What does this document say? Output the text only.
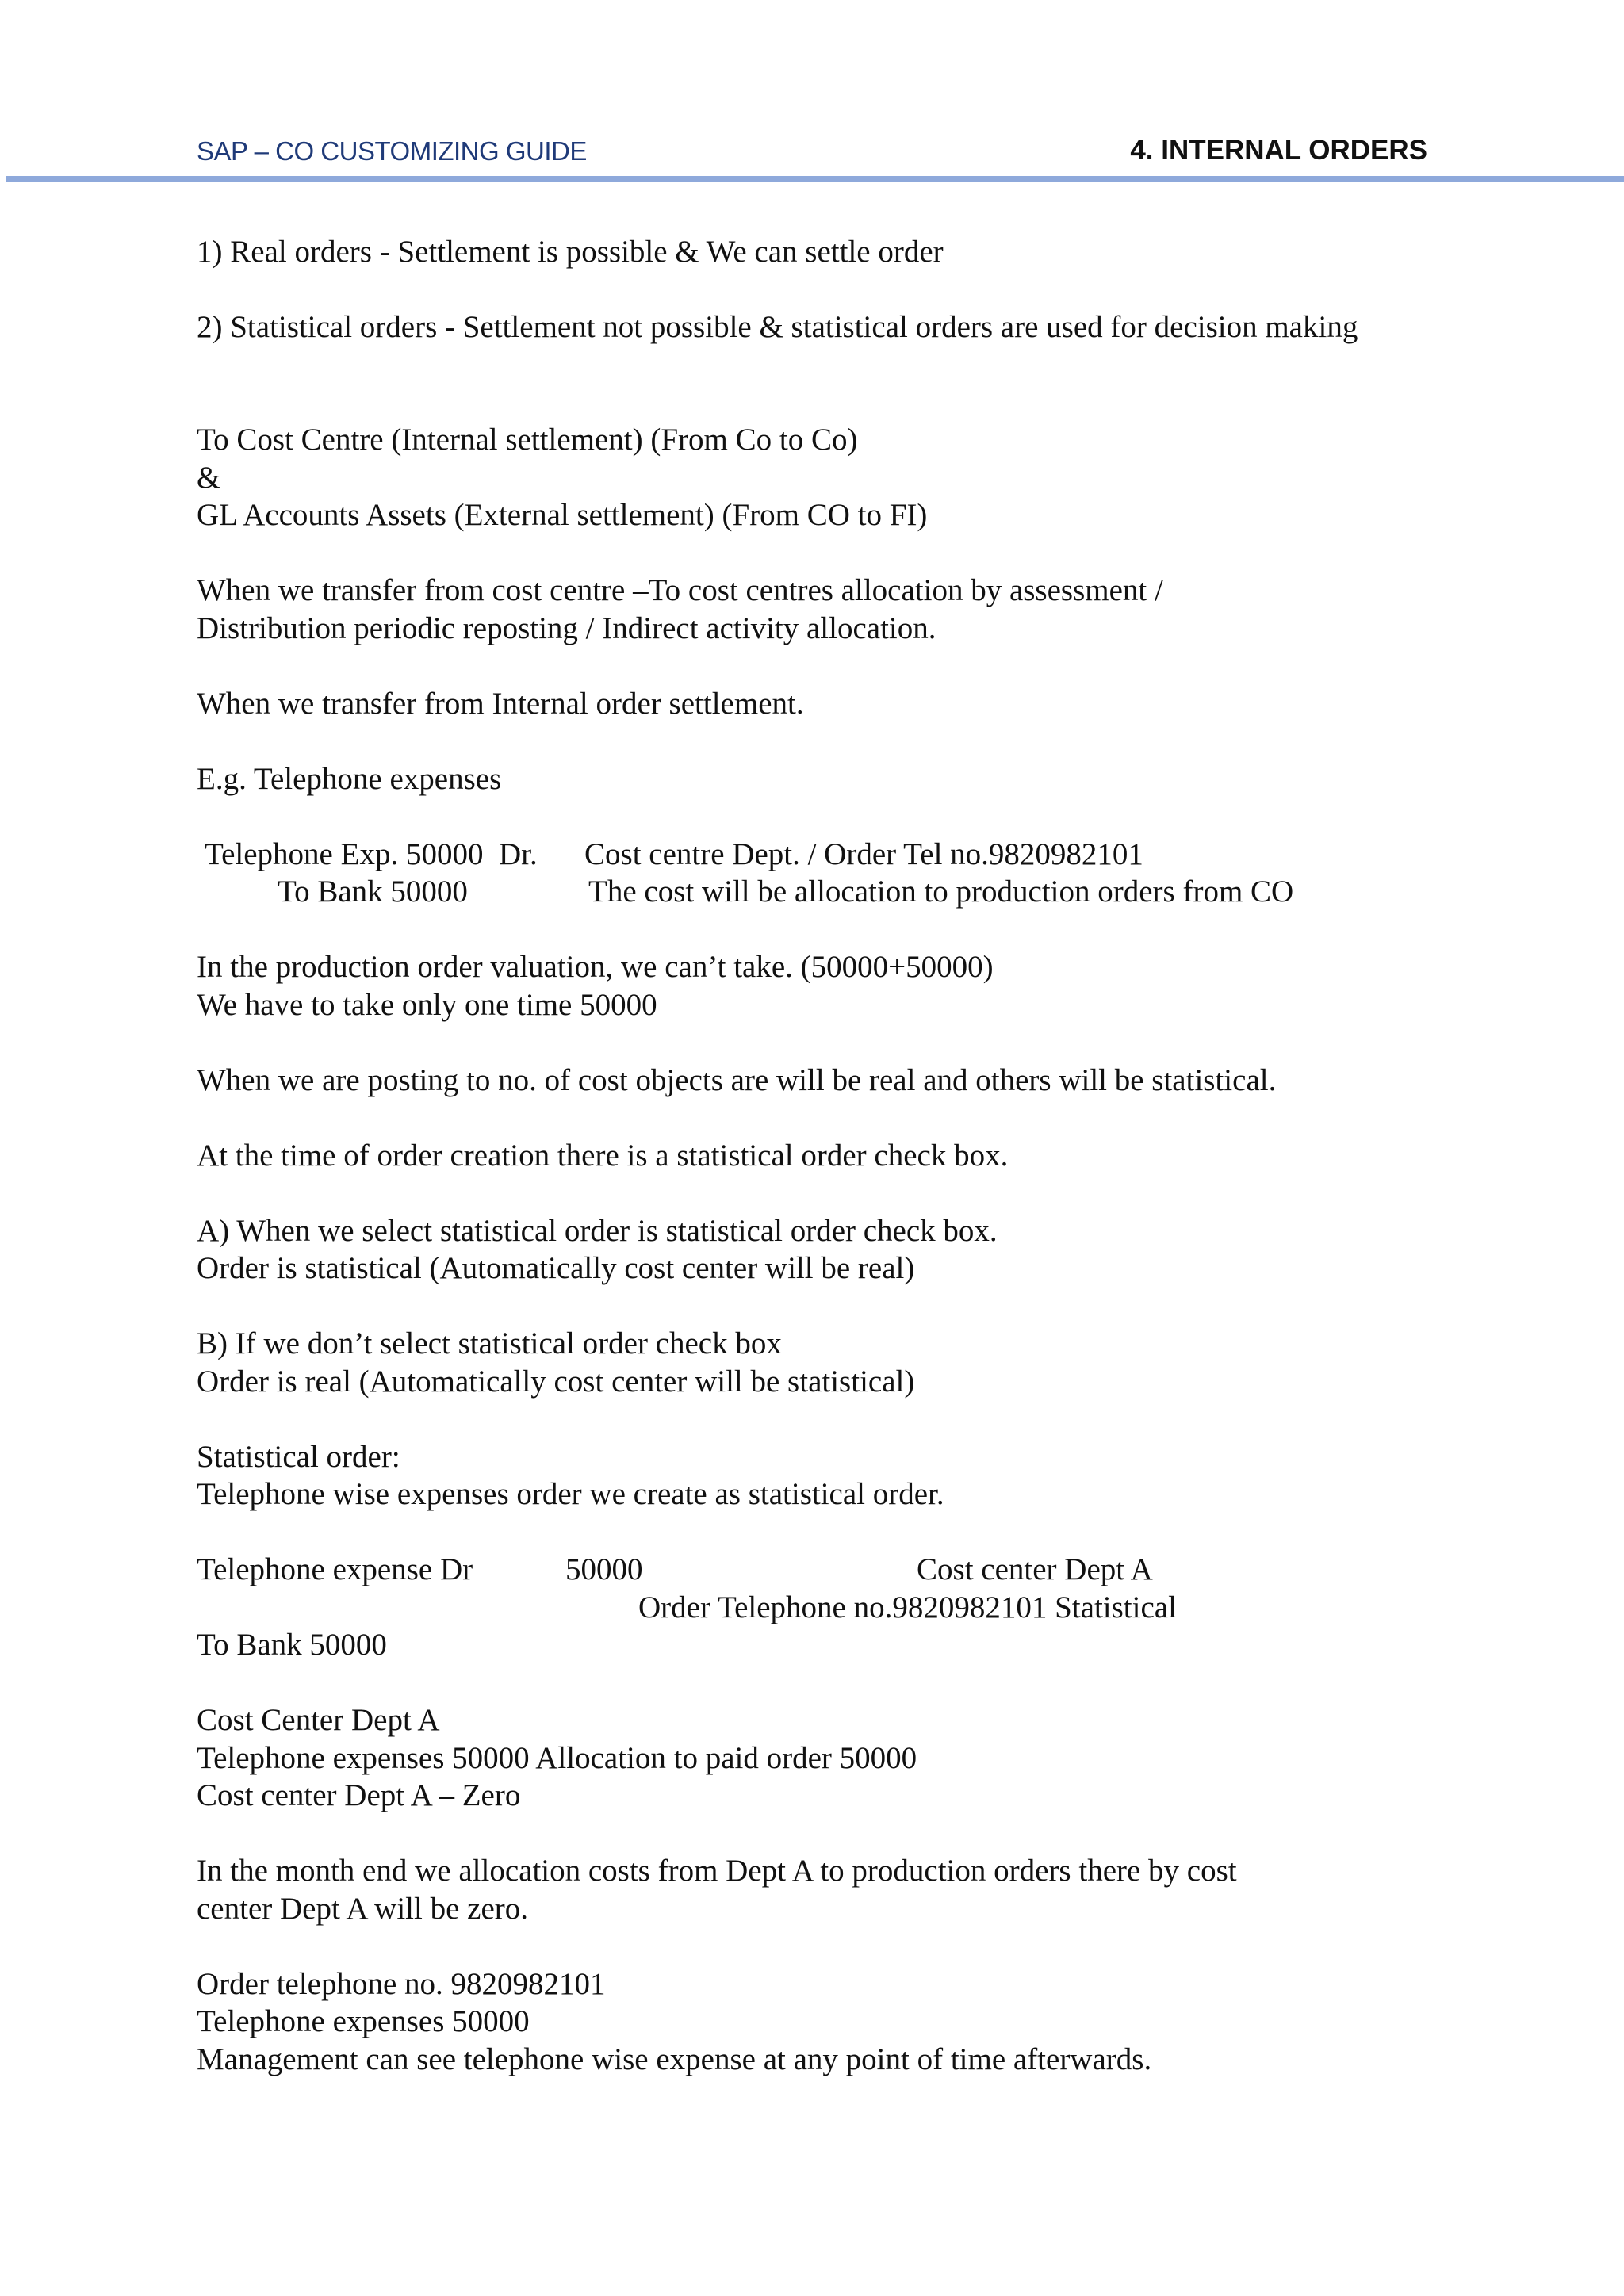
SAP – CO CUSTOMIZING GUIDE	4. INTERNAL ORDERS
1) Real orders - Settlement is possible & We can settle order
2) Statistical orders - Settlement not possible & statistical orders are used for decision making
To Cost Centre (Internal settlement) (From Co to Co)
&
GL Accounts Assets (External settlement) (From CO to FI)
When we transfer from cost centre –To cost centres allocation by assessment /
Distribution periodic reposting / Indirect activity allocation.
When we transfer from Internal order settlement.
E.g. Telephone expenses
Telephone Exp. 50000  Dr. Cost centre Dept. / Order Tel no.9820982101
To Bank 50000	The cost will be allocation to production orders from CO
In the production order valuation, we can’t take. (50000+50000)
We have to take only one time 50000
When we are posting to no. of cost objects are will be real and others will be statistical.
At the time of order creation there is a statistical order check box.
A) When we select statistical order is statistical order check box.
Order is statistical (Automatically cost center will be real)
B) If we don’t select statistical order check box
Order is real (Automatically cost center will be statistical)
Statistical order:
Telephone wise expenses order we create as statistical order.
Telephone expense Dr	50000	Cost center Dept A
Order Telephone no.9820982101 Statistical
To Bank 50000
Cost Center Dept A
Telephone expenses 50000 Allocation to paid order 50000
Cost center Dept A – Zero
In the month end we allocation costs from Dept A to production orders there by cost
center Dept A will be zero.
Order telephone no. 9820982101
Telephone expenses 50000
Management can see telephone wise expense at any point of time afterwards.
